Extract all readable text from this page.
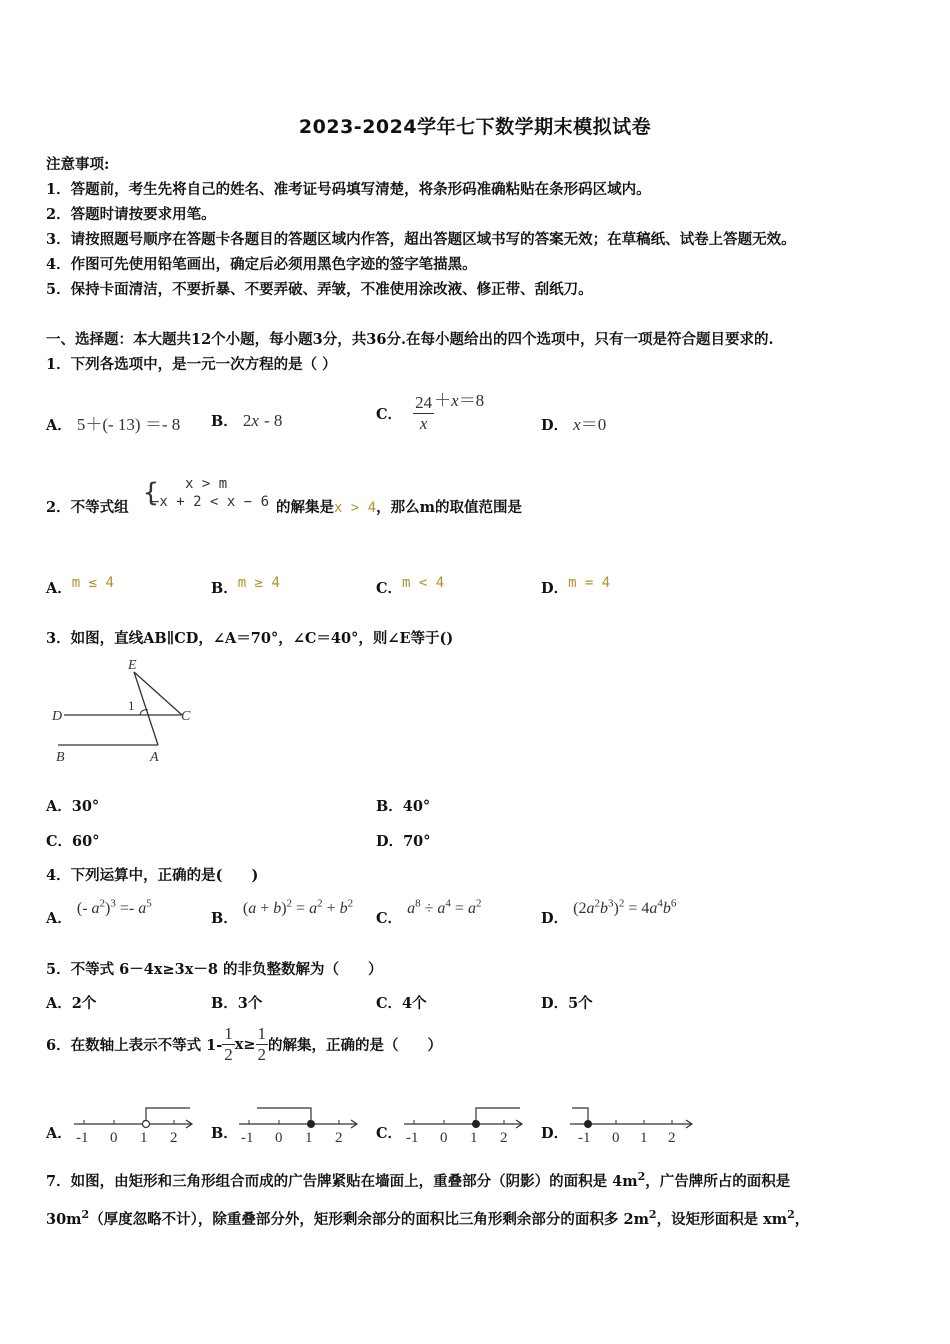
2023-2024学年七下数学期末模拟试卷
注意事项:
1．答题前，考生先将自己的姓名、准考证号码填写清楚，将条形码准确粘贴在条形码区域内。
2．答题时请按要求用笔。
3．请按照题号顺序在答题卡各题目的答题区域内作答，超出答题区域书写的答案无效；在草稿纸、试卷上答题无效。
4．作图可先使用铅笔画出，确定后必须用黑色字迹的签字笔描黑。
5．保持卡面清洁，不要折暴、不要弄破、弄皱，不准使用涂改液、修正带、刮纸刀。
一、选择题：本大题共12个小题，每小题3分，共36分.在每小题给出的四个选项中，只有一项是符合题目要求的.
1．下列各选项中，是一元一次方程的是（ ）
A． 5＋(- 13) ＝- 8 B． 2x - 8	C． $\frac{24}{x} +x=8$
D． x＝0
2．不等式组 { x > m
−x + 2 < x − 6 的解集是x > 4，那么m的取值范围是
A．m ≤ 4	B．m ≥ 4	C．m < 4	D．m = 4
3．如图，直线AB∥CD，∠A＝70°，∠C＝40°，则∠E等于()
E
D	C
B	A
1
A．30°	B．40°
C．60°	D．70°
4．下列运算中，正确的是(　　)
A． (- $a^2)^3 =- a^5$
B． $(a + b)^2 = a^2 + b^2$
C． $a^8 \div a^4 = a^2$
D． $(2a^2b^3)^2 = 4a^4b^6$
5．不等式 6－4x≥3x－8 的非负整数解为（　　）
A．2个	B．3个	C．4个	D．5个
6．在数轴上表示不等式 $1- \frac{1}{2} x\ge \frac{1}{2}$ 的解集，正确的是（　　）
A．	B．	C．	D．
-1 0 1 2	-1 0 1 2	-1 0 1 2	-1 0 1 2
7．如图，由矩形和三角形组合而成的广告牌紧贴在墙面上，重叠部分（阴影）的面积是 $4m^2$，广告牌所占的面积是
$30m^2$（厚度忽略不计），除重叠部分外，矩形剩余部分的面积比三角形剩余部分的面积多 $2m^2$，设矩形面积是 $xm^2$，
